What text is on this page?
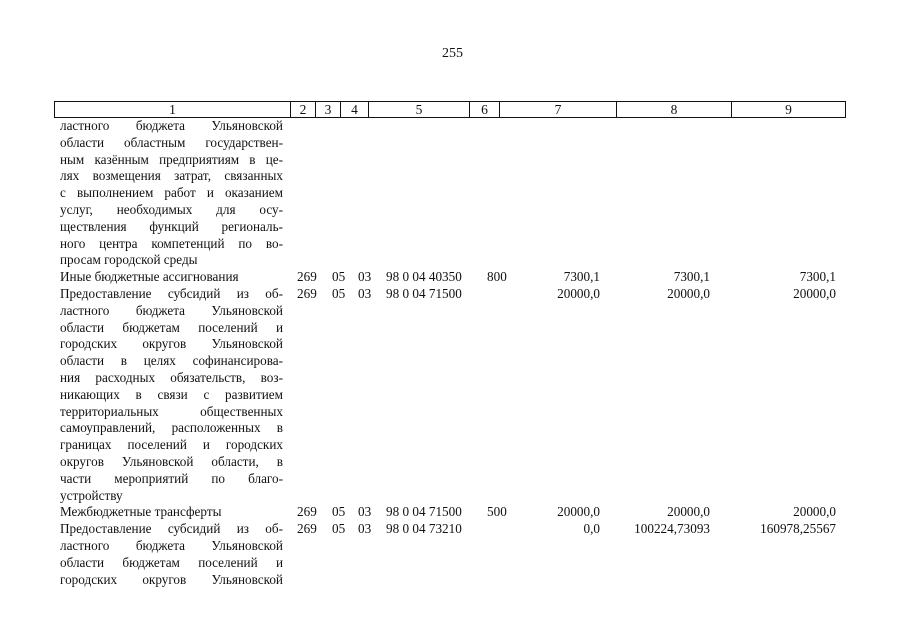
255
1	2	3	4	5	6	7	8	9
ластного бюджета Ульяновской
области областным государствен-
ным казённым предприятиям в це-
лях возмещения затрат, связанных
с выполнением работ и оказанием
услуг, необходимых для осу-
ществления функций региональ-
ного центра компетенций по во-
просам городской среды
Иные бюджетные ассигнования	269 05 03 98 0 04 40350 800	7300,1	7300,1	7300,1
Предоставление субсидий из об-
ластного бюджета Ульяновской
области бюджетам поселений и
городских округов Ульяновской
области в целях софинансирова-
ния расходных обязательств, воз-
никающих в связи с развитием
территориальных общественных
самоуправлений, расположенных в
границах поселений и городских
округов Ульяновской области, в
части мероприятий по благо-
устройству
269 05 03 98 0 04 71500	20000,0	20000,0	20000,0
Межбюджетные трансферты	269 05 03 98 0 04 71500 500	20000,0	20000,0	20000,0
Предоставление субсидий из об-
ластного бюджета Ульяновской
области бюджетам поселений и
городских округов Ульяновской
269 05 03 98 0 04 73210	0,0	100224,73093	160978,25567
